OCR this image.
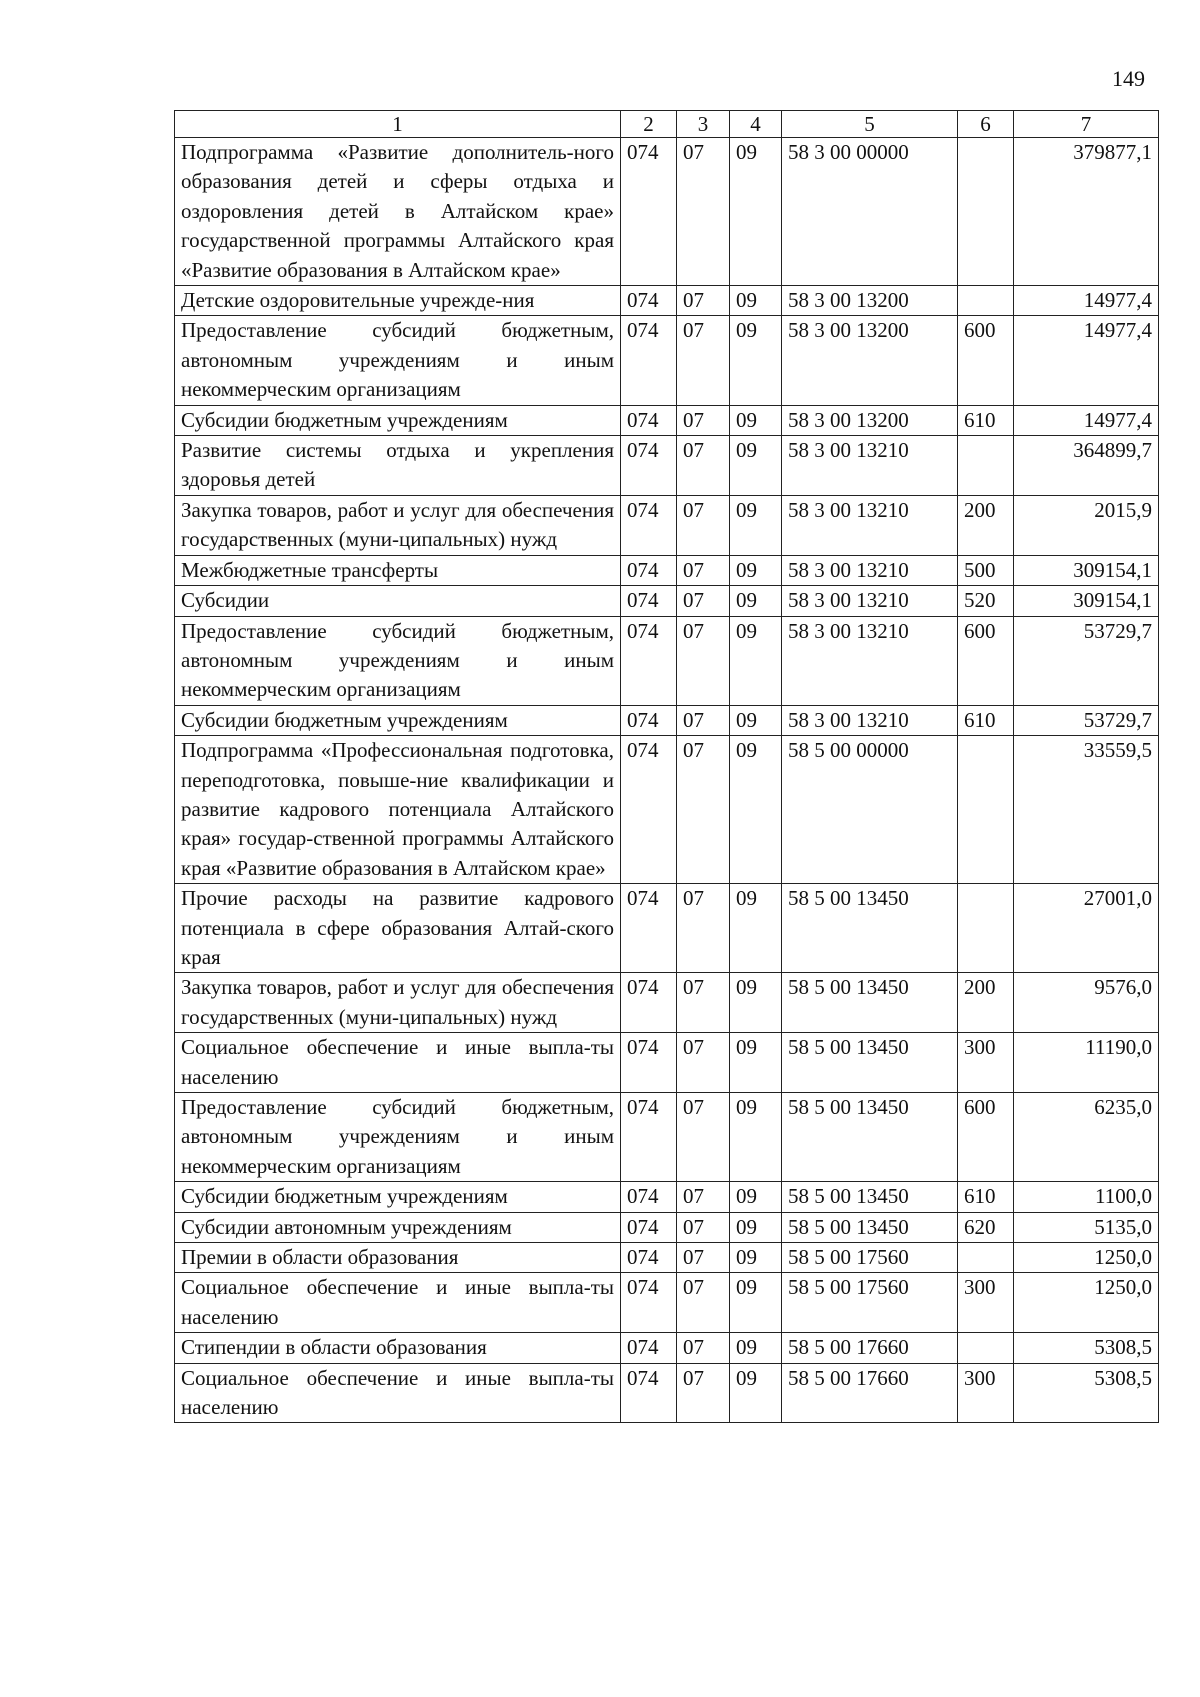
149
1	2	3	4	5	6	7
Подпрограмма «Развитие дополнитель-ного образования детей и сферы отдыха и оздоровления детей в Алтайском крае» государственной программы Алтайского края «Развитие образования в Алтайском крае»	074	07	09	58 3 00 00000		379877,1
Детские оздоровительные учрежде-ния	074	07	09	58 3 00 13200		14977,4
Предоставление субсидий бюджетным, автономным учреждениям и иным некоммерческим организациям	074	07	09	58 3 00 13200	600	14977,4
Субсидии бюджетным учреждениям	074	07	09	58 3 00 13200	610	14977,4
Развитие системы отдыха и укрепления здоровья детей	074	07	09	58 3 00 13210		364899,7
Закупка товаров, работ и услуг для обеспечения государственных (муни-ципальных) нужд	074	07	09	58 3 00 13210	200	2015,9
Межбюджетные трансферты	074	07	09	58 3 00 13210	500	309154,1
Субсидии	074	07	09	58 3 00 13210	520	309154,1
Предоставление субсидий бюджетным, автономным учреждениям и иным некоммерческим организациям	074	07	09	58 3 00 13210	600	53729,7
Субсидии бюджетным учреждениям	074	07	09	58 3 00 13210	610	53729,7
Подпрограмма «Профессиональная подготовка, переподготовка, повыше-ние квалификации и развитие кадрового потенциала Алтайского края» государ-ственной программы Алтайского края «Развитие образования в Алтайском крае»	074	07	09	58 5 00 00000		33559,5
Прочие расходы на развитие кадрового потенциала в сфере образования Алтай-ского края	074	07	09	58 5 00 13450		27001,0
Закупка товаров, работ и услуг для обеспечения государственных (муни-ципальных) нужд	074	07	09	58 5 00 13450	200	9576,0
Социальное обеспечение и иные выпла-ты населению	074	07	09	58 5 00 13450	300	11190,0
Предоставление субсидий бюджетным, автономным учреждениям и иным некоммерческим организациям	074	07	09	58 5 00 13450	600	6235,0
Субсидии бюджетным учреждениям	074	07	09	58 5 00 13450	610	1100,0
Субсидии автономным учреждениям	074	07	09	58 5 00 13450	620	5135,0
Премии в области образования	074	07	09	58 5 00 17560		1250,0
Социальное обеспечение и иные выпла-ты населению	074	07	09	58 5 00 17560	300	1250,0
Стипендии в области образования	074	07	09	58 5 00 17660		5308,5
Социальное обеспечение и иные выпла-ты населению	074	07	09	58 5 00 17660	300	5308,5
